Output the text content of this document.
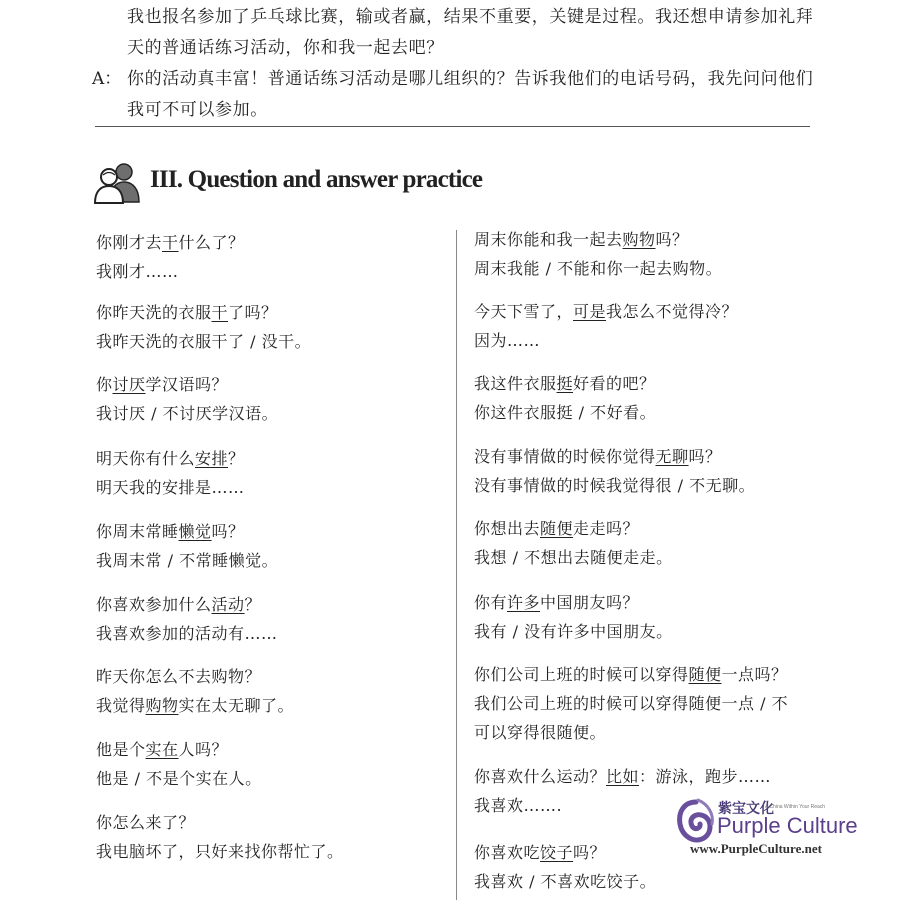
我也报名参加了乒乓球比赛，输或者赢，结果不重要，关键是过程。我还想申请参加礼拜
天的普通话练习活动，你和我一起去吧？
A： 你的活动真丰富！普通话练习活动是哪儿组织的？告诉我他们的电话号码，我先问问他们
我可不可以参加。
III. Question and answer practice
你刚才去干什么了？
我刚才……
你昨天洗的衣服干了吗？
我昨天洗的衣服干了 / 没干。
你讨厌学汉语吗？
我讨厌 / 不讨厌学汉语。
明天你有什么安排？
明天我的安排是……
你周末常睡懒觉吗？
我周末常 / 不常睡懒觉。
你喜欢参加什么活动？
我喜欢参加的活动有……
昨天你怎么不去购物？
我觉得购物实在太无聊了。
他是个实在人吗？
他是 / 不是个实在人。
你怎么来了？
我电脑坏了，只好来找你帮忙了。
周末你能和我一起去购物吗？
周末我能 / 不能和你一起去购物。
今天下雪了，可是我怎么不觉得冷？
因为……
我这件衣服挺好看的吧？
你这件衣服挺 / 不好看。
没有事情做的时候你觉得无聊吗？
没有事情做的时候我觉得很 / 不无聊。
你想出去随便走走吗？
我想 / 不想出去随便走走。
你有许多中国朋友吗？
我有 / 没有许多中国朋友。
你们公司上班的时候可以穿得随便一点吗？
我们公司上班的时候可以穿得随便一点 / 不
可以穿得很随便。
你喜欢什么运动？比如：游泳，跑步……
我喜欢…….
你喜欢吃饺子吗？
我喜欢 / 不喜欢吃饺子。
紫宝文化
A China Within Your Reach
Purple Culture
www.PurpleCulture.net
